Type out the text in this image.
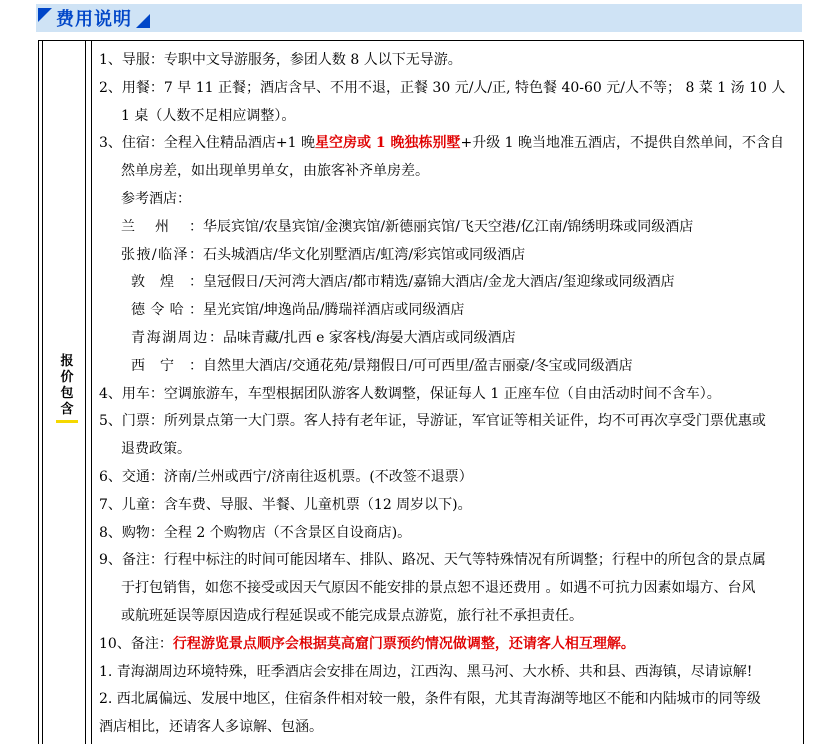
费用说明
报价包含
1、导服：专职中文导游服务，参团人数 8 人以下无导游。
2、用餐：7 早 11 正餐；酒店含早、不用不退，正餐 30 元/人/正, 特色餐 40-60 元/人不等； 8 菜 1 汤 10 人
1 桌（人数不足相应调整）。
3、住宿：全程入住精品酒店+1 晚星空房或 1 晚独栋别墅+升级 1 晚当地准五酒店，不提供自然单间，不含自
然单房差，如出现单男单女，由旅客补齐单房差。
参考酒店：
兰州： 华辰宾馆/农垦宾馆/金澳宾馆/新德丽宾馆/飞天空港/亿江南/锦绣明珠或同级酒店
张掖/临泽： 石头城酒店/华文化别墅酒店/虹湾/彩宾馆或同级酒店
敦煌： 皇冠假日/天河湾大酒店/都市精选/嘉锦大酒店/金龙大酒店/玺迎缘或同级酒店
德令哈： 星光宾馆/坤逸尚品/腾瑞祥酒店或同级酒店
青海湖周边： 品味青藏/扎西 e 家客栈/海晏大酒店或同级酒店
西宁： 自然里大酒店/交通花苑/景翔假日/可可西里/盈吉丽豪/冬宝或同级酒店
4、用车：空调旅游车，车型根据团队游客人数调整，保证每人 1 正座车位（自由活动时间不含车）。
5、门票：所列景点第一大门票。客人持有老年证，导游证，军官证等相关证件，均不可再次享受门票优惠或
退费政策。
6、交通：济南/兰州或西宁/济南往返机票。(不改签不退票）
7、儿童：含车费、导服、半餐、儿童机票（12 周岁以下)。
8、购物：全程 2 个购物店（不含景区自设商店)。
9、备注：行程中标注的时间可能因堵车、排队、路况、天气等特殊情况有所调整；行程中的所包含的景点属
于打包销售，如您不接受或因天气原因不能安排的景点恕不退还费用 。如遇不可抗力因素如塌方、台风
或航班延误等原因造成行程延误或不能完成景点游览，旅行社不承担责任。
10、备注：行程游览景点顺序会根据莫高窟门票预约情况做调整，还请客人相互理解。
1. 青海湖周边环境特殊，旺季酒店会安排在周边，江西沟、黑马河、大水桥、共和县、西海镇，尽请谅解!
2. 西北属偏远、发展中地区，住宿条件相对较一般，条件有限，尤其青海湖等地区不能和内陆城市的同等级
酒店相比，还请客人多谅解、包涵。
